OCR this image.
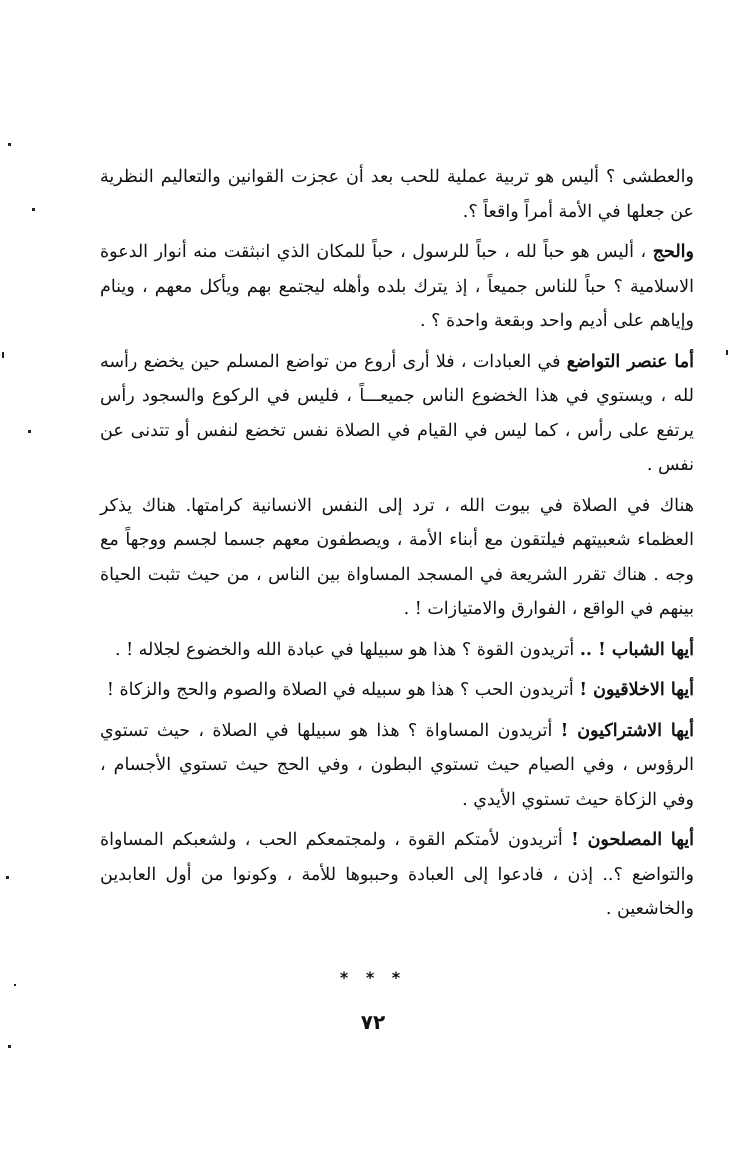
والعطشى ؟ أليس هو تربية عملية للحب بعد أن عجزت القوانين والتعاليم النظرية عن جعلها في الأمة أمراً واقعاً ؟.

والحج ، أليس هو حباً لله ، حباً للرسول ، حباً للمكان الذي انبثقت منه أنوار الدعوة الاسلامية ؟ حباً للناس جميعاً ، إذ يترك بلده وأهله ليجتمع بهم ويأكل معهم ، وينام وإياهم على أديم واحد وبقعة واحدة ؟ .

أما عنصر التواضع في العبادات ، فلا أرى أروع من تواضع المسلم حين يخضع رأسه لله ، ويستوي في هذا الخضوع الناس جميعـــاً ، فليس في الركوع والسجود رأس يرتفع على رأس ، كما ليس في القيام في الصلاة نفس تخضع لنفس أو تتدنى عن نفس .

هناك في الصلاة في بيوت الله ، ترد إلى النفس الانسانية كرامتها. هناك يذكر العظماء شعبيتهم فيلتقون مع أبناء الأمة ، ويصطفون معهم جسما لجسم ووجهاً مع وجه . هناك تقرر الشريعة في المسجد المساواة بين الناس ، من حيث تثبت الحياة بينهم في الواقع ، الفوارق والامتيازات ! .

أيها الشباب ! .. أتريدون القوة ؟ هذا هو سبيلها في عبادة الله والخضوع لجلاله ! .

أيها الاخلاقيون ! أتريدون الحب ؟ هذا هو سبيله في الصلاة والصوم والحج والزكاة !

أيها الاشتراكيون ! أتريدون المساواة ؟ هذا هو سبيلها في الصلاة ، حيث تستوي الرؤوس ، وفي الصيام حيث تستوي البطون ، وفي الحج حيث تستوي الأجسام ، وفي الزكاة حيث تستوي الأيدي .

أيها المصلحون ! أتريدون لأمتكم القوة ، ولمجتمعكم الحب ، ولشعبكم المساواة والتواضع ؟.. إذن ، فادعوا إلى العبادة وحببوها للأمة ، وكونوا من أول العابدين والخاشعين .

* * *
٧٢
